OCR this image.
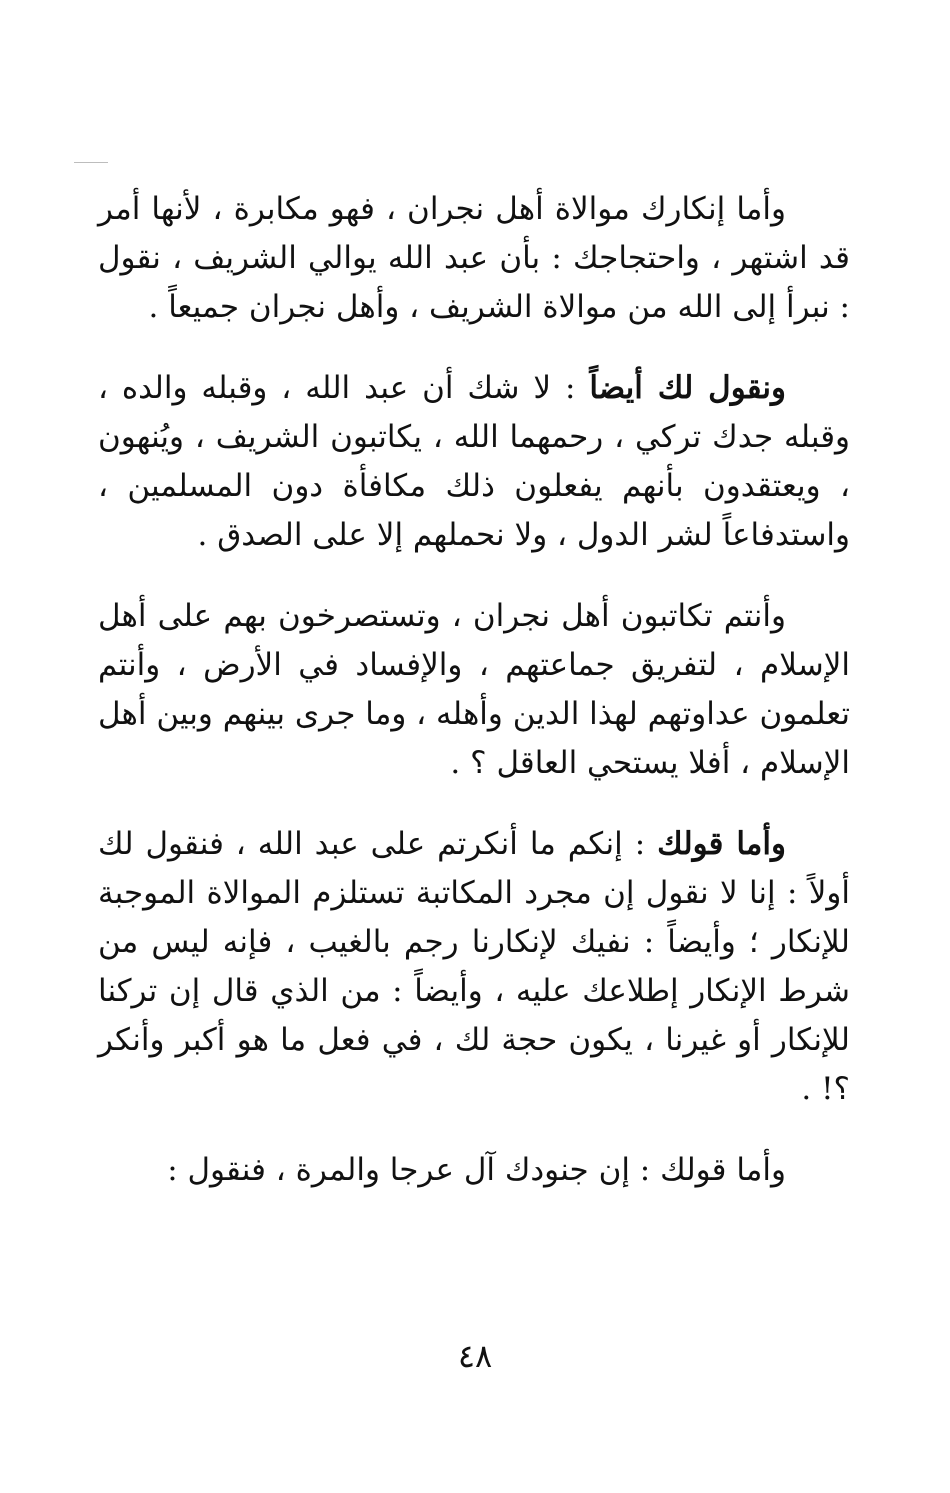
وأما إنكارك موالاة أهل نجران ، فهو مكابرة ، لأنها أمر قد اشتهر ، واحتجاجك : بأن عبد الله يوالي الشريف ، نقول : نبرأ إلى الله من موالاة الشريف ، وأهل نجران جميعاً .

ونقول لك أيضاً : لا شك أن عبد الله ، وقبله والده ، وقبله جدك تركي ، رحمهما الله ، يكاتبون الشريف ، ويُنهون ، ويعتقدون بأنهم يفعلون ذلك مكافأة دون المسلمين ، واستدفاعاً لشر الدول ، ولا نحملهم إلا على الصدق .

وأنتم تكاتبون أهل نجران ، وتستصرخون بهم على أهل الإسلام ، لتفريق جماعتهم ، والإفساد في الأرض ، وأنتم تعلمون عداوتهم لهذا الدين وأهله ، وما جرى بينهم وبين أهل الإسلام ، أفلا يستحي العاقل ؟ .

وأما قولك : إنكم ما أنكرتم على عبد الله ، فنقول لك أولاً : إنا لا نقول إن مجرد المكاتبة تستلزم الموالاة الموجبة للإنكار ؛ وأيضاً : نفيك لإنكارنا رجم بالغيب ، فإنه ليس من شرط الإنكار إطلاعك عليه ، وأيضاً : من الذي قال إن تركنا للإنكار أو غيرنا ، يكون حجة لك ، في فعل ما هو أكبر وأنكر ؟! .

وأما قولك : إن جنودك آل عرجا والمرة ، فنقول :

٤٨
